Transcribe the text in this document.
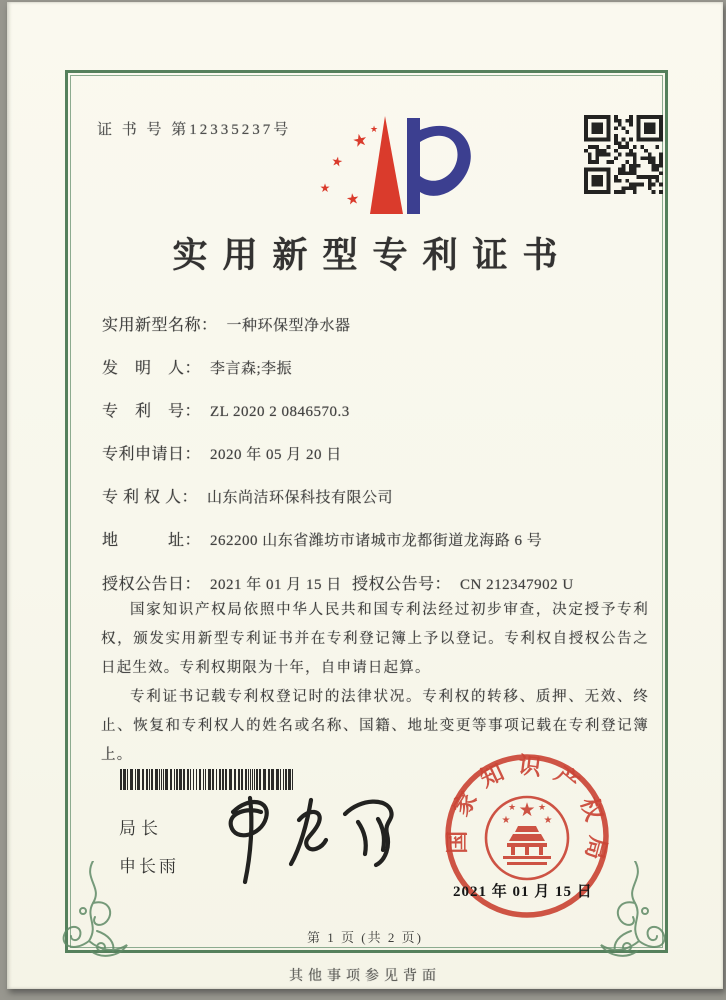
证 书 号 第12335237号	★
★
★
★
★
实用新型专利证书
实用新型名称： 一种环保型净水器
发　明　人： 李言森;李振
专　利　号： ZL 2020 2 0846570.3
专利申请日： 2020 年 05 月 20 日
专 利 权 人： 山东尚洁环保科技有限公司
地　　　址： 262200 山东省潍坊市诸城市龙都街道龙海路 6 号
授权公告日： 2021 年 01 月 15 日 授权公告号： CN 212347902 U

国家知识产权局依照中华人民共和国专利法经过初步审查，决定授予专利权，颁发实用新型专利证书并在专利登记簿上予以登记。专利权自授权公告之日起生效。专利权期限为十年，自申请日起算。

专利证书记载专利权登记时的法律状况。专利权的转移、质押、无效、终止、恢复和专利权人的姓名或名称、国籍、地址变更等事项记载在专利登记簿上。

局长
申长雨
国家知识产权局
★
★	★
★ ★
2021 年 01 月 15 日
第 1 页 (共 2 页)
其他事项参见背面
